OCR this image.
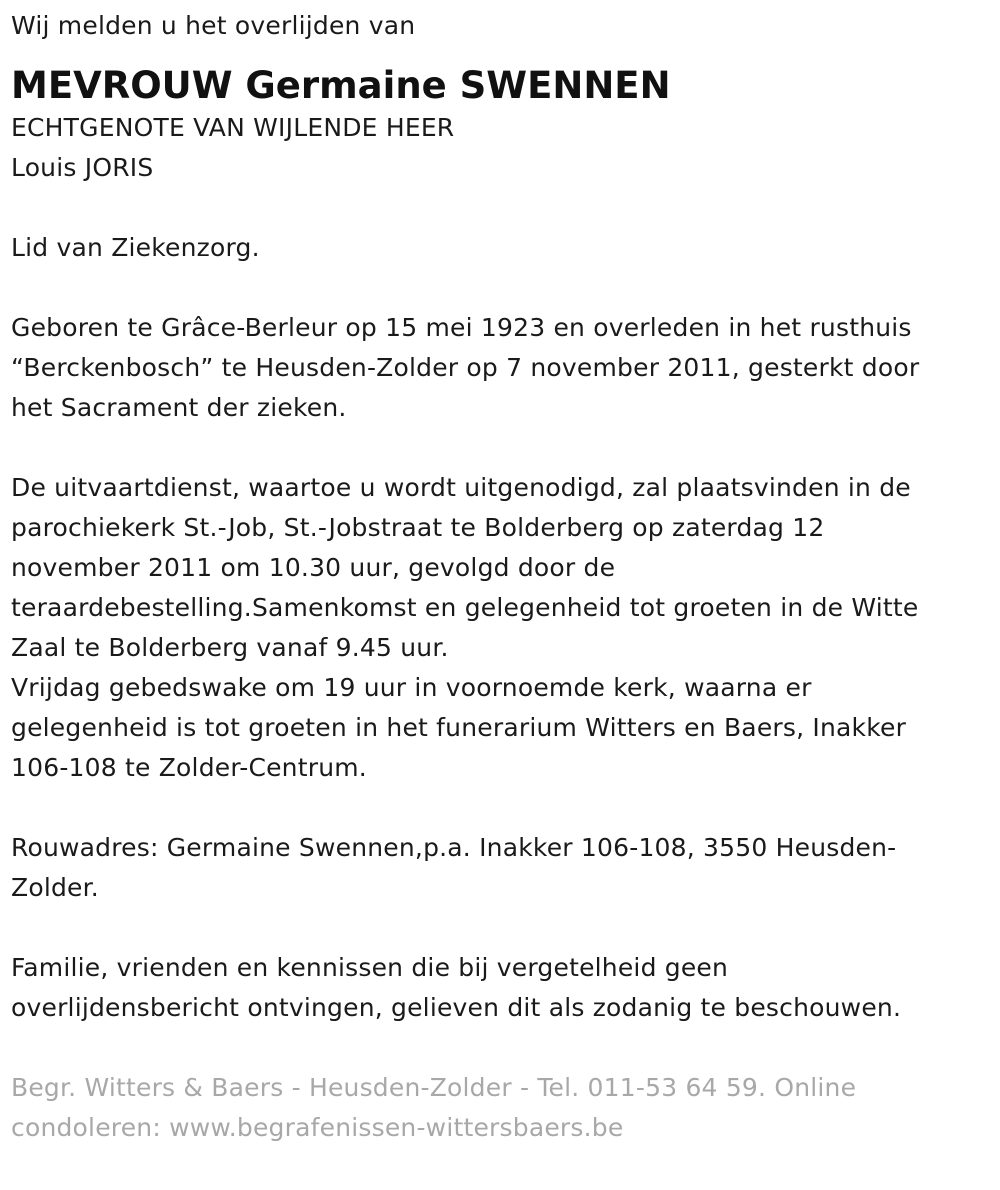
Wij melden u het overlijden van
MEVROUW Germaine SWENNEN
ECHTGENOTE VAN WIJLENDE HEER
Louis JORIS
Lid van Ziekenzorg.
Geboren te Grâce-Berleur op 15 mei 1923 en overleden in het rusthuis
“Berckenbosch” te Heusden-Zolder op 7 november 2011, gesterkt door
het Sacrament der zieken.
De uitvaartdienst, waartoe u wordt uitgenodigd, zal plaatsvinden in de
parochiekerk St.-Job, St.-Jobstraat te Bolderberg op zaterdag 12
november 2011 om 10.30 uur, gevolgd door de
teraardebestelling.Samenkomst en gelegenheid tot groeten in de Witte
Zaal te Bolderberg vanaf 9.45 uur.
Vrijdag gebedswake om 19 uur in voornoemde kerk, waarna er
gelegenheid is tot groeten in het funerarium Witters en Baers, Inakker
106-108 te Zolder-Centrum.
Rouwadres: Germaine Swennen,p.a. Inakker 106-108, 3550 Heusden-
Zolder.
Familie, vrienden en kennissen die bij vergetelheid geen
overlijdensbericht ontvingen, gelieven dit als zodanig te beschouwen.
Begr. Witters & Baers - Heusden-Zolder - Tel. 011-53 64 59. Online
condoleren: www.begrafenissen-wittersbaers.be
